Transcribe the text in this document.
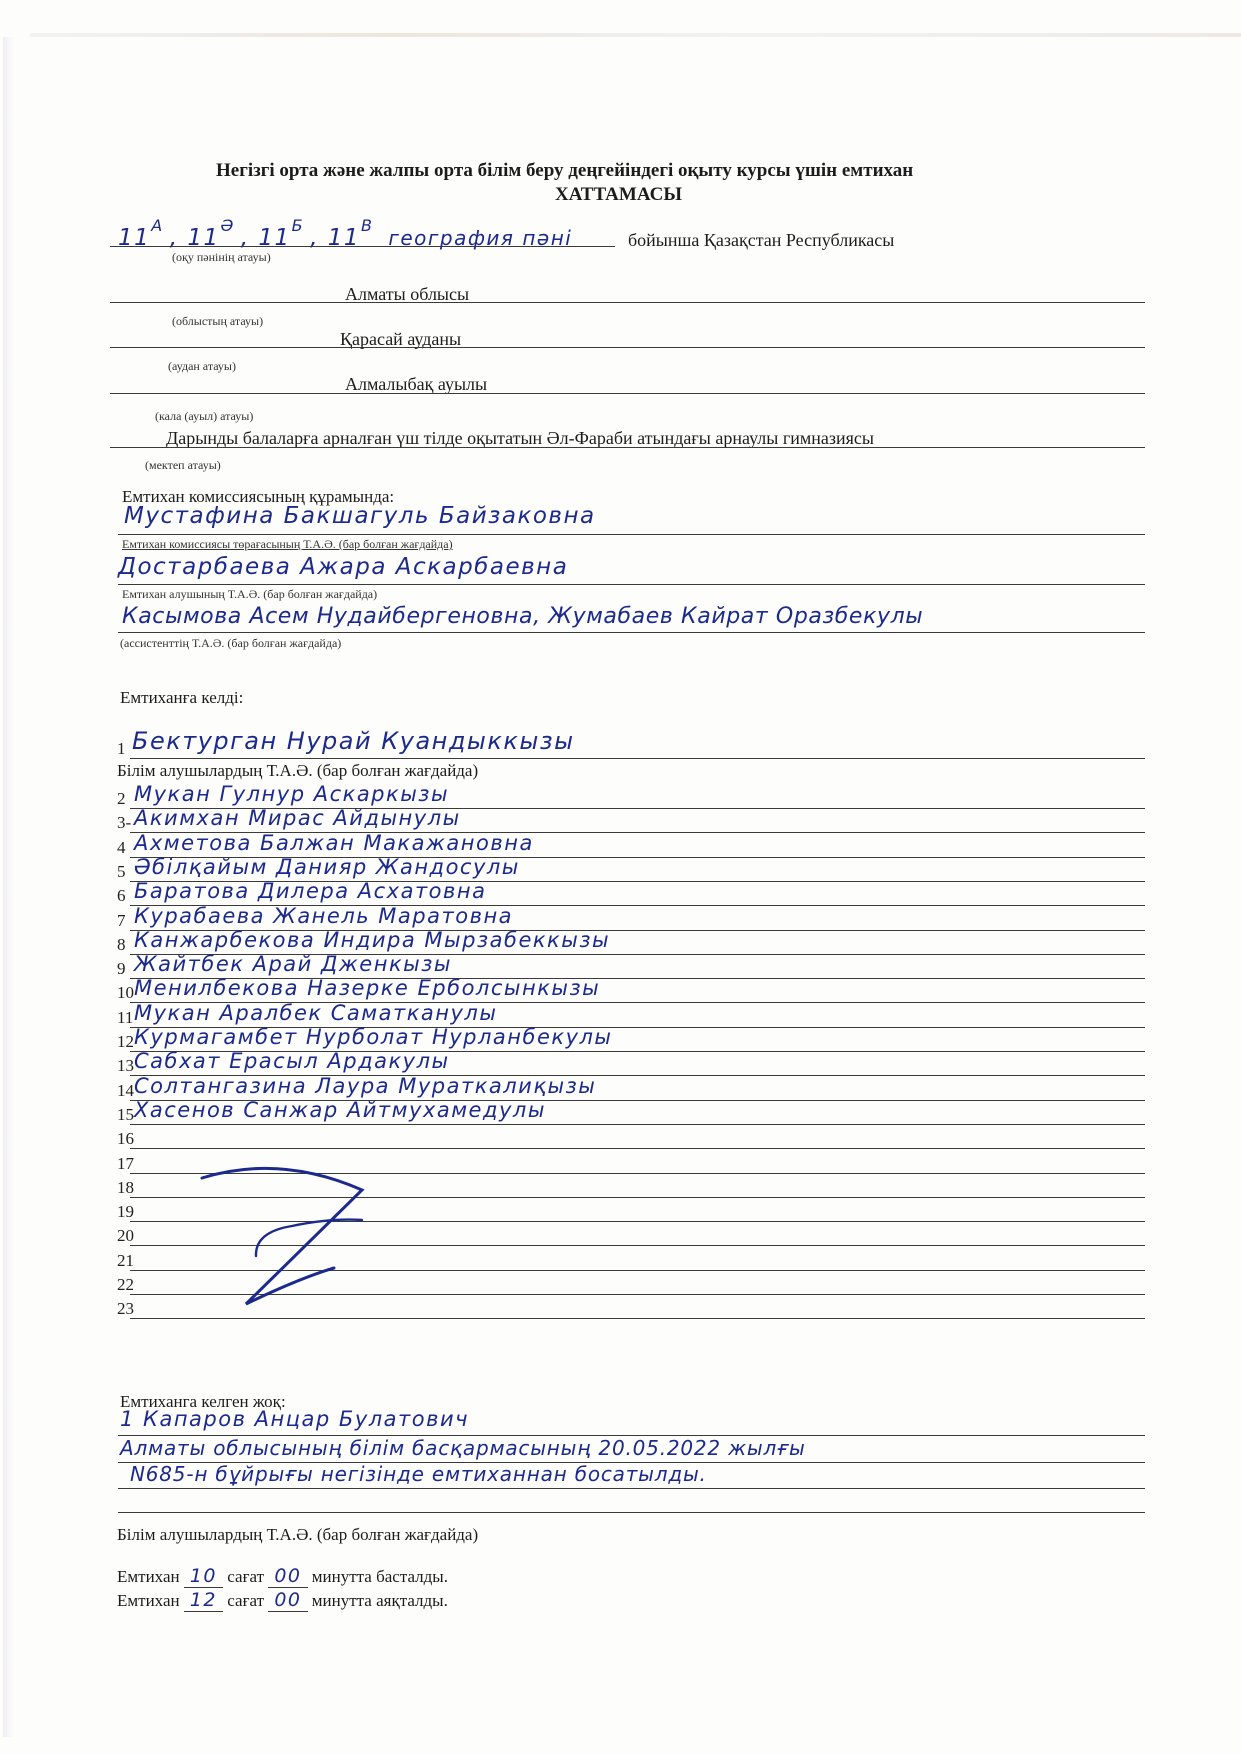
Негізгі орта және жалпы орта білім беру деңгейіндегі оқыту курсы үшін емтихан
ХАТТАМАСЫ
$11^А$ , $11^Ә$ , $11^Б$ , $11^В$ география пәні	бойынша Қазақстан Республикасы
(оқу пәнінің атауы)
Алматы облысы
(облыстың атауы)
Қарасай ауданы
(аудан атауы)
Алмалыбақ ауылы
(кала (ауыл) атауы)
Дарынды балаларға арналған үш тілде оқытатын Әл-Фараби атындағы арнаулы гимназиясы
(мектеп атауы)
Емтихан комиссиясының құрамында:
Мустафина Бакшагуль Байзаковна
Емтихан комиссиясы төрағасының Т.А.Ә. (бар болған жағдайда)
Достарбаева Ажара Аскарбаевна
Емтихан алушының Т.А.Ә. (бар болған жағдайда)
Касымова Асем Нудайбергеновна, Жумабаев Кайрат Оразбекулы
(ассистенттің Т.А.Ә. (бар болған жағдайда)
Емтиханға келді:
1 Бектурган Нурай Куандыккызы
Білім алушылардың Т.А.Ә. (бар болған жағдайда)
2 Мукан Гулнур Аскаркызы
3- Акимхан Мирас Айдынулы
4 Ахметова Балжан Макажановна
5 Әбілқайым Данияр Жандосулы
6 Баратова Дилера Асхатовна
7 Курабаева Жанель Маратовна
8 Канжарбекова Индира Мырзабеккызы
9 Жайтбек Арай Дженкызы
10 Менилбекова Назерке Ерболсынкызы
11 Мукан Аралбек Саматканулы
12 Курмагамбет Нурболат Нурланбекулы
13 Сабхат Ерасыл Ардакулы
14 Солтангазина Лаура Мураткалиқызы
15 Хасенов Санжар Айтмухамедулы
16
17
18
19
20
21
22
23
Емтиханга келген жоқ:
1 Капаров Анцар Булатович
Алматы облысының білім басқармасының 20.05.2022 жылғы
N685-н бұйрығы негізінде емтиханнан босатылды.
Білім алушылардың Т.А.Ә. (бар болған жағдайда)
Емтихан 10 сағат 00 минутта басталды.
Емтихан 12 сағат 00 минутта аяқталды.
